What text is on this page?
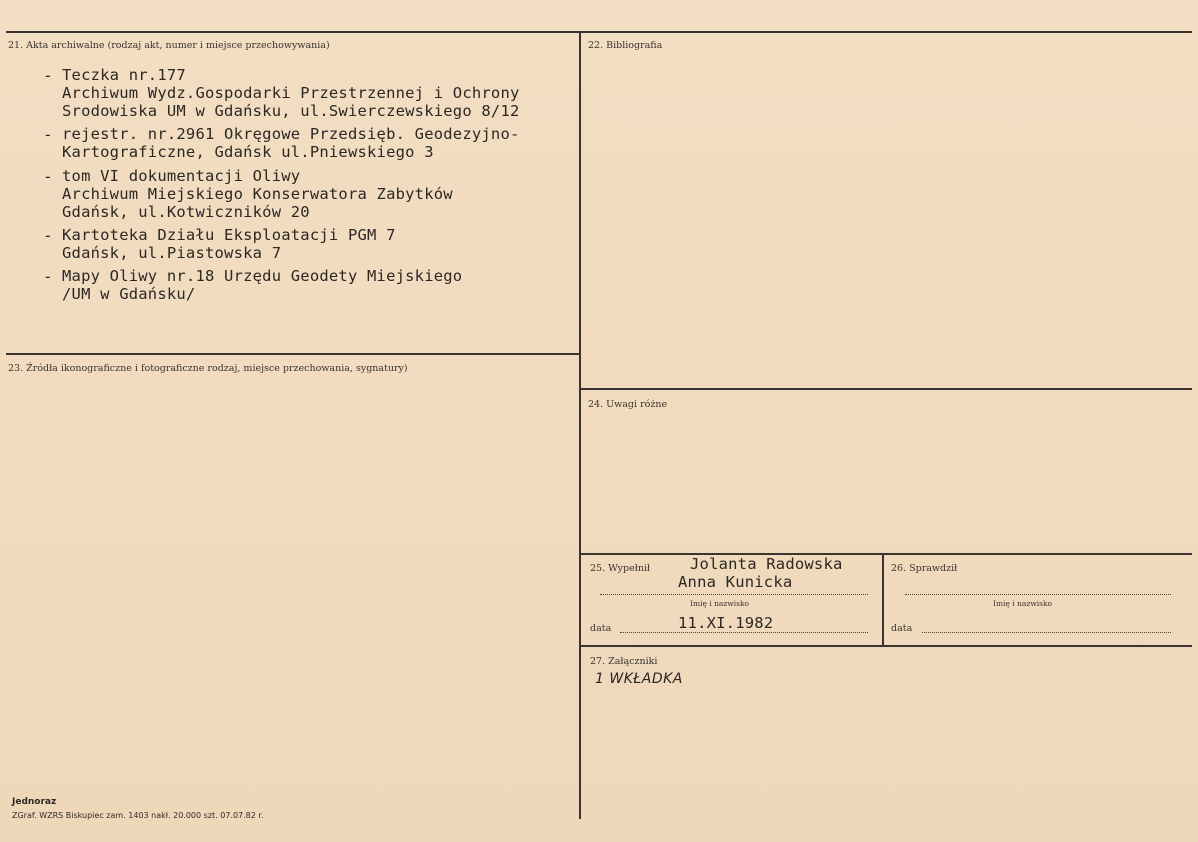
21. Akta archiwalne (rodzaj akt, numer i miejsce przechowywania)
- Teczka nr.177
Archiwum Wydz.Gospodarki Przestrzennej i Ochrony
Srodowiska UM w Gdańsku, ul.Swierczewskiego 8/12
- rejestr. nr.2961 Okręgowe Przedsięb. Geodezyjno-
Kartograficzne, Gdańsk ul.Pniewskiego 3
- tom VI dokumentacji Oliwy
Archiwum Miejskiego Konserwatora Zabytków
Gdańsk, ul.Kotwiczników 20
- Kartoteka Działu Eksploatacji PGM 7
Gdańsk, ul.Piastowska 7
- Mapy Oliwy nr.18 Urzędu Geodety Miejskiego
/UM w Gdańsku/
22. Bibliografia
23. Źródła ikonograficzne i fotograficzne rodzaj, miejsce przechowania, sygnatury)
24. Uwagi różne
25. Wypełnił	Jolanta Radowska
Anna Kunicka
Imię i nazwisko
data	11.XI.1982
26. Sprawdził
Imię i nazwisko
data
27. Załączniki
1 WKŁADKA
Jednoraz
ZGraf. WZRS Biskupiec zam. 1403 nakł. 20.000 szt. 07.07.82 r.
